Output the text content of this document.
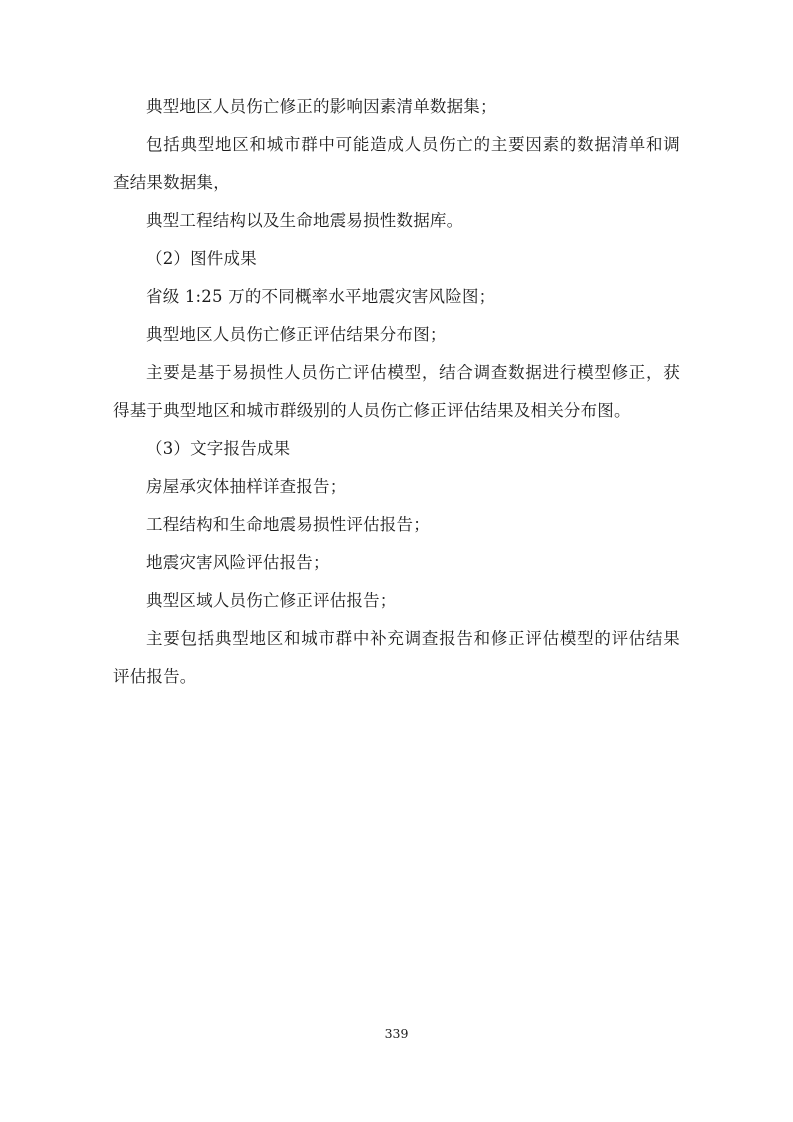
典型地区人员伤亡修正的影响因素清单数据集；

包括典型地区和城市群中可能造成人员伤亡的主要因素的数据清单和调查结果数据集，

典型工程结构以及生命地震易损性数据库。

（2）图件成果

省级 1:25 万的不同概率水平地震灾害风险图；

典型地区人员伤亡修正评估结果分布图；

主要是基于易损性人员伤亡评估模型，结合调查数据进行模型修正，获得基于典型地区和城市群级别的人员伤亡修正评估结果及相关分布图。

（3）文字报告成果

房屋承灾体抽样详查报告；

工程结构和生命地震易损性评估报告；

地震灾害风险评估报告；

典型区域人员伤亡修正评估报告；

主要包括典型地区和城市群中补充调查报告和修正评估模型的评估结果评估报告。

339
